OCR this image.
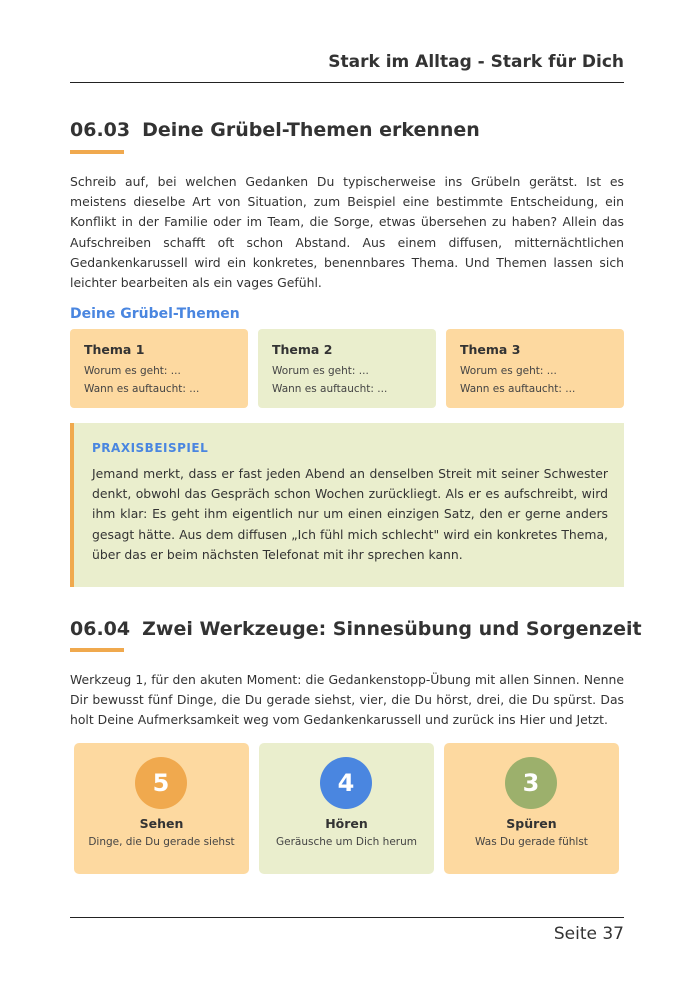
Stark im Alltag - Stark für Dich
06.03 Deine Grübel-Themen erkennen

Schreib auf, bei welchen Gedanken Du typischerweise ins Grübeln gerätst. Ist es meistens dieselbe Art von Situation, zum Beispiel eine bestimmte Entscheidung, ein Konflikt in der Familie oder im Team, die Sorge, etwas übersehen zu haben? Allein das Aufschreiben schafft oft schon Abstand. Aus einem diffusen, mitternächtlichen Gedankenkarussell wird ein konkretes, benennbares Thema. Und Themen lassen sich leichter bearbeiten als ein vages Gefühl.

Deine Grübel-Themen
Thema 1
Worum es geht: ...
Wann es auftaucht: ...
Thema 2
Worum es geht: ...
Wann es auftaucht: ...
Thema 3
Worum es geht: ...
Wann es auftaucht: ...
PRAXISBEISPIEL

Jemand merkt, dass er fast jeden Abend an denselben Streit mit seiner Schwester denkt, obwohl das Gespräch schon Wochen zurückliegt. Als er es aufschreibt, wird ihm klar: Es geht ihm eigentlich nur um einen einzigen Satz, den er gerne anders gesagt hätte. Aus dem diffusen „Ich fühl mich schlecht" wird ein konkretes Thema, über das er beim nächsten Telefonat mit ihr sprechen kann.

06.04 Zwei Werkzeuge: Sinnesübung und Sorgenzeit

Werkzeug 1, für den akuten Moment: die Gedankenstopp-Übung mit allen Sinnen. Nenne Dir bewusst fünf Dinge, die Du gerade siehst, vier, die Du hörst, drei, die Du spürst. Das holt Deine Aufmerksamkeit weg vom Gedankenkarussell und zurück ins Hier und Jetzt.

5
Sehen
Dinge, die Du gerade siehst
4
Hören
Geräusche um Dich herum
3
Spüren
Was Du gerade fühlst
Seite 37
